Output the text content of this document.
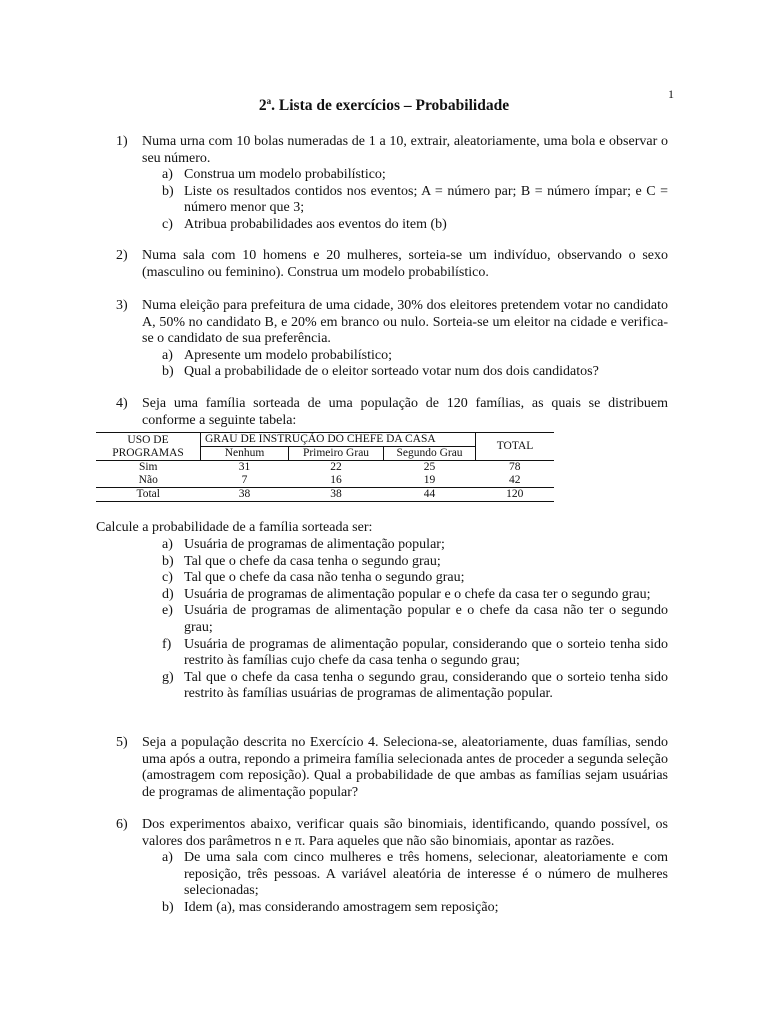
1
2$^a$. Lista de exercícios – Probabilidade
1) Numa urna com 10 bolas numeradas de 1 a 10, extrair, aleatoriamente, uma bola e observar o seu número.
a) Construa um modelo probabilístico;
b) Liste os resultados contidos nos eventos; A = número par; B = número ímpar; e C = número menor que 3;
c) Atribua probabilidades aos eventos do item (b)
2) Numa sala com 10 homens e 20 mulheres, sorteia-se um indivíduo, observando o sexo (masculino ou feminino). Construa um modelo probabilístico.
3) Numa eleição para prefeitura de uma cidade, 30% dos eleitores pretendem votar no candidato A, 50% no candidato B, e 20% em branco ou nulo. Sorteia-se um eleitor na cidade e verifica-se o candidato de sua preferência.
a) Apresente um modelo probabilístico;
b) Qual a probabilidade de o eleitor sorteado votar num dos dois candidatos?
4) Seja uma família sorteada de uma população de 120 famílias, as quais se distribuem conforme a seguinte tabela:
USO DE
PROGRAMAS	GRAU DE INSTRUÇÃO DO CHEFE DA CASA			TOTAL
	Nenhum	Primeiro Grau	Segundo Grau	
Sim	31	22	25	78
Não	7	16	19	42
Total	38	38	44	120
Calcule a probabilidade de a família sorteada ser:
a) Usuária de programas de alimentação popular;
b) Tal que o chefe da casa tenha o segundo grau;
c) Tal que o chefe da casa não tenha o segundo grau;
d) Usuária de programas de alimentação popular e o chefe da casa ter o segundo grau;
e) Usuária de programas de alimentação popular e o chefe da casa não ter o segundo grau;
f) Usuária de programas de alimentação popular, considerando que o sorteio tenha sido restrito às famílias cujo chefe da casa tenha o segundo grau;
g) Tal que o chefe da casa tenha o segundo grau, considerando que o sorteio tenha sido restrito às famílias usuárias de programas de alimentação popular.
5) Seja a população descrita no Exercício 4. Seleciona-se, aleatoriamente, duas famílias, sendo uma após a outra, repondo a primeira família selecionada antes de proceder a segunda seleção (amostragem com reposição). Qual a probabilidade de que ambas as famílias sejam usuárias de programas de alimentação popular?
6) Dos experimentos abaixo, verificar quais são binomiais, identificando, quando possível, os valores dos parâmetros n e π. Para aqueles que não são binomiais, apontar as razões.
a) De uma sala com cinco mulheres e três homens, selecionar, aleatoriamente e com reposição, três pessoas. A variável aleatória de interesse é o número de mulheres selecionadas;
b) Idem (a), mas considerando amostragem sem reposição;
